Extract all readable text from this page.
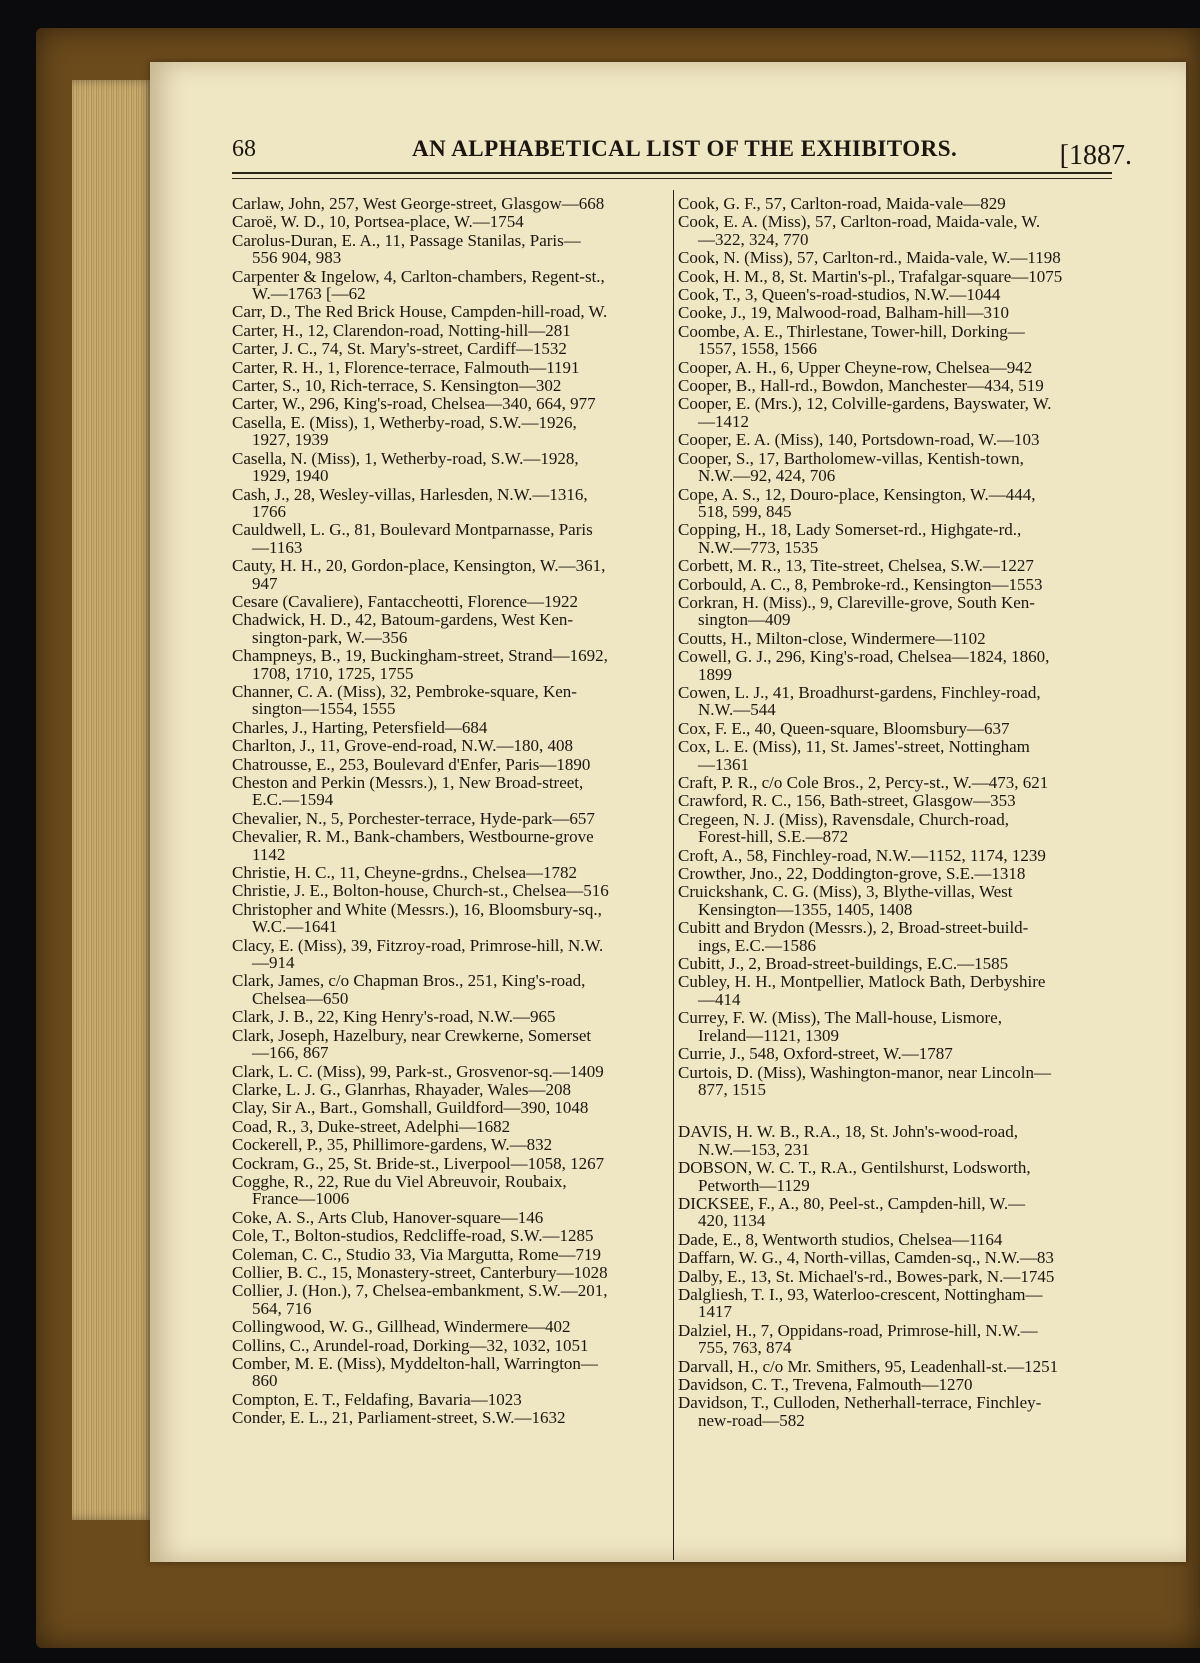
68	AN ALPHABETICAL LIST OF THE EXHIBITORS.	[1887.
Carlaw, John, 257, West George-street, Glasgow—668
Caroë, W. D., 10, Portsea-place, W.—1754
Carolus-Duran, E. A., 11, Passage Stanilas, Paris—
556 904, 983
Carpenter & Ingelow, 4, Carlton-chambers, Regent-st.,
W.—1763 [—62
Carr, D., The Red Brick House, Campden-hill-road, W.
Carter, H., 12, Clarendon-road, Notting-hill—281
Carter, J. C., 74, St. Mary's-street, Cardiff—1532
Carter, R. H., 1, Florence-terrace, Falmouth—1191
Carter, S., 10, Rich-terrace, S. Kensington—302
Carter, W., 296, King's-road, Chelsea—340, 664, 977
Casella, E. (Miss), 1, Wetherby-road, S.W.—1926,
1927, 1939
Casella, N. (Miss), 1, Wetherby-road, S.W.—1928,
1929, 1940
Cash, J., 28, Wesley-villas, Harlesden, N.W.—1316,
1766
Cauldwell, L. G., 81, Boulevard Montparnasse, Paris
—1163
Cauty, H. H., 20, Gordon-place, Kensington, W.—361,
947
Cesare (Cavaliere), Fantaccheotti, Florence—1922
Chadwick, H. D., 42, Batoum-gardens, West Ken-
sington-park, W.—356
Champneys, B., 19, Buckingham-street, Strand—1692,
1708, 1710, 1725, 1755
Channer, C. A. (Miss), 32, Pembroke-square, Ken-
sington—1554, 1555
Charles, J., Harting, Petersfield—684
Charlton, J., 11, Grove-end-road, N.W.—180, 408
Chatrousse, E., 253, Boulevard d'Enfer, Paris—1890
Cheston and Perkin (Messrs.), 1, New Broad-street,
E.C.—1594
Chevalier, N., 5, Porchester-terrace, Hyde-park—657
Chevalier, R. M., Bank-chambers, Westbourne-grove
1142
Christie, H. C., 11, Cheyne-grdns., Chelsea—1782
Christie, J. E., Bolton-house, Church-st., Chelsea—516
Christopher and White (Messrs.), 16, Bloomsbury-sq.,
W.C.—1641
Clacy, E. (Miss), 39, Fitzroy-road, Primrose-hill, N.W.
—914
Clark, James, c/o Chapman Bros., 251, King's-road,
Chelsea—650
Clark, J. B., 22, King Henry's-road, N.W.—965
Clark, Joseph, Hazelbury, near Crewkerne, Somerset
—166, 867
Clark, L. C. (Miss), 99, Park-st., Grosvenor-sq.—1409
Clarke, L. J. G., Glanrhas, Rhayader, Wales—208
Clay, Sir A., Bart., Gomshall, Guildford—390, 1048
Coad, R., 3, Duke-street, Adelphi—1682
Cockerell, P., 35, Phillimore-gardens, W.—832
Cockram, G., 25, St. Bride-st., Liverpool—1058, 1267
Cogghe, R., 22, Rue du Viel Abreuvoir, Roubaix,
France—1006
Coke, A. S., Arts Club, Hanover-square—146
Cole, T., Bolton-studios, Redcliffe-road, S.W.—1285
Coleman, C. C., Studio 33, Via Margutta, Rome—719
Collier, B. C., 15, Monastery-street, Canterbury—1028
Collier, J. (Hon.), 7, Chelsea-embankment, S.W.—201,
564, 716
Collingwood, W. G., Gillhead, Windermere—402
Collins, C., Arundel-road, Dorking—32, 1032, 1051
Comber, M. E. (Miss), Myddelton-hall, Warrington—
860
Compton, E. T., Feldafing, Bavaria—1023
Conder, E. L., 21, Parliament-street, S.W.—1632
Cook, G. F., 57, Carlton-road, Maida-vale—829
Cook, E. A. (Miss), 57, Carlton-road, Maida-vale, W.
—322, 324, 770
Cook, N. (Miss), 57, Carlton-rd., Maida-vale, W.—1198
Cook, H. M., 8, St. Martin's-pl., Trafalgar-square—1075
Cook, T., 3, Queen's-road-studios, N.W.—1044
Cooke, J., 19, Malwood-road, Balham-hill—310
Coombe, A. E., Thirlestane, Tower-hill, Dorking—
1557, 1558, 1566
Cooper, A. H., 6, Upper Cheyne-row, Chelsea—942
Cooper, B., Hall-rd., Bowdon, Manchester—434, 519
Cooper, E. (Mrs.), 12, Colville-gardens, Bayswater, W.
—1412
Cooper, E. A. (Miss), 140, Portsdown-road, W.—103
Cooper, S., 17, Bartholomew-villas, Kentish-town,
N.W.—92, 424, 706
Cope, A. S., 12, Douro-place, Kensington, W.—444,
518, 599, 845
Copping, H., 18, Lady Somerset-rd., Highgate-rd.,
N.W.—773, 1535
Corbett, M. R., 13, Tite-street, Chelsea, S.W.—1227
Corbould, A. C., 8, Pembroke-rd., Kensington—1553
Corkran, H. (Miss)., 9, Clareville-grove, South Ken-
sington—409
Coutts, H., Milton-close, Windermere—1102
Cowell, G. J., 296, King's-road, Chelsea—1824, 1860,
1899
Cowen, L. J., 41, Broadhurst-gardens, Finchley-road,
N.W.—544
Cox, F. E., 40, Queen-square, Bloomsbury—637
Cox, L. E. (Miss), 11, St. James'-street, Nottingham
—1361
Craft, P. R., c/o Cole Bros., 2, Percy-st., W.—473, 621
Crawford, R. C., 156, Bath-street, Glasgow—353
Cregeen, N. J. (Miss), Ravensdale, Church-road,
Forest-hill, S.E.—872
Croft, A., 58, Finchley-road, N.W.—1152, 1174, 1239
Crowther, Jno., 22, Doddington-grove, S.E.—1318
Cruickshank, C. G. (Miss), 3, Blythe-villas, West
Kensington—1355, 1405, 1408
Cubitt and Brydon (Messrs.), 2, Broad-street-build-
ings, E.C.—1586
Cubitt, J., 2, Broad-street-buildings, E.C.—1585
Cubley, H. H., Montpellier, Matlock Bath, Derbyshire
—414
Currey, F. W. (Miss), The Mall-house, Lismore,
Ireland—1121, 1309
Currie, J., 548, Oxford-street, W.—1787
Curtois, D. (Miss), Washington-manor, near Lincoln—
877, 1515
DAVIS, H. W. B., R.A., 18, St. John's-wood-road,
N.W.—153, 231
DOBSON, W. C. T., R.A., Gentilshurst, Lodsworth,
Petworth—1129
DICKSEE, F., A., 80, Peel-st., Campden-hill, W.—
420, 1134
Dade, E., 8, Wentworth studios, Chelsea—1164
Daffarn, W. G., 4, North-villas, Camden-sq., N.W.—83
Dalby, E., 13, St. Michael's-rd., Bowes-park, N.—1745
Dalgliesh, T. I., 93, Waterloo-crescent, Nottingham—
1417
Dalziel, H., 7, Oppidans-road, Primrose-hill, N.W.—
755, 763, 874
Darvall, H., c/o Mr. Smithers, 95, Leadenhall-st.—1251
Davidson, C. T., Trevena, Falmouth—1270
Davidson, T., Culloden, Netherhall-terrace, Finchley-
new-road—582
